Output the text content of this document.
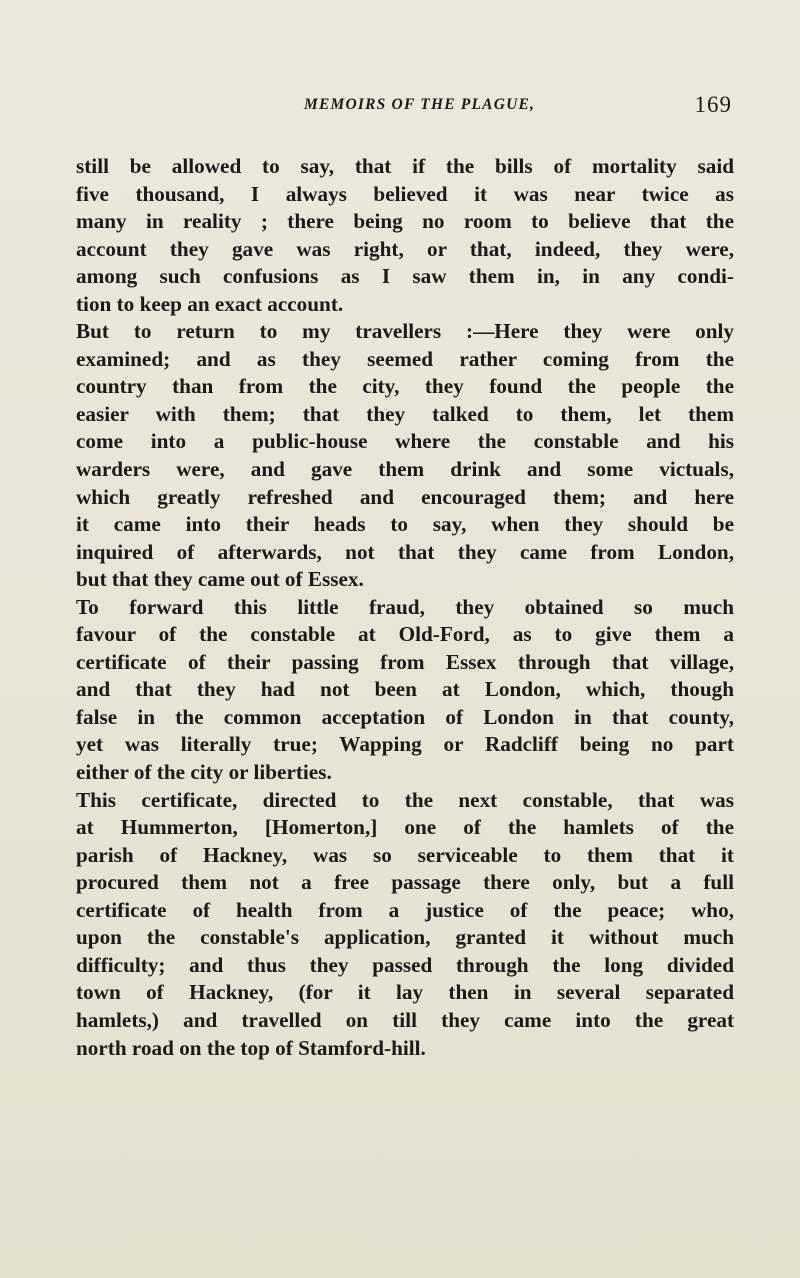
MEMOIRS OF THE PLAGUE,	169
still be allowed to say, that if the bills of mortality said
five thousand, I always believed it was near twice as
many in reality ; there being no room to believe that the
account they gave was right, or that, indeed, they were,
among such confusions as I saw them in, in any condi-
tion to keep an exact account.
But to return to my travellers :—Here they were only
examined; and as they seemed rather coming from the
country than from the city, they found the people the
easier with them; that they talked to them, let them
come into a public-house where the constable and his
warders were, and gave them drink and some victuals,
which greatly refreshed and encouraged them; and here
it came into their heads to say, when they should be
inquired of afterwards, not that they came from London,
but that they came out of Essex.
To forward this little fraud, they obtained so much
favour of the constable at Old-Ford, as to give them a
certificate of their passing from Essex through that village,
and that they had not been at London, which, though
false in the common acceptation of London in that county,
yet was literally true; Wapping or Radcliff being no part
either of the city or liberties.
This certificate, directed to the next constable, that was
at Hummerton, [Homerton,] one of the hamlets of the
parish of Hackney, was so serviceable to them that it
procured them not a free passage there only, but a full
certificate of health from a justice of the peace; who,
upon the constable's application, granted it without much
difficulty; and thus they passed through the long divided
town of Hackney, (for it lay then in several separated
hamlets,) and travelled on till they came into the great
north road on the top of Stamford-hill.
